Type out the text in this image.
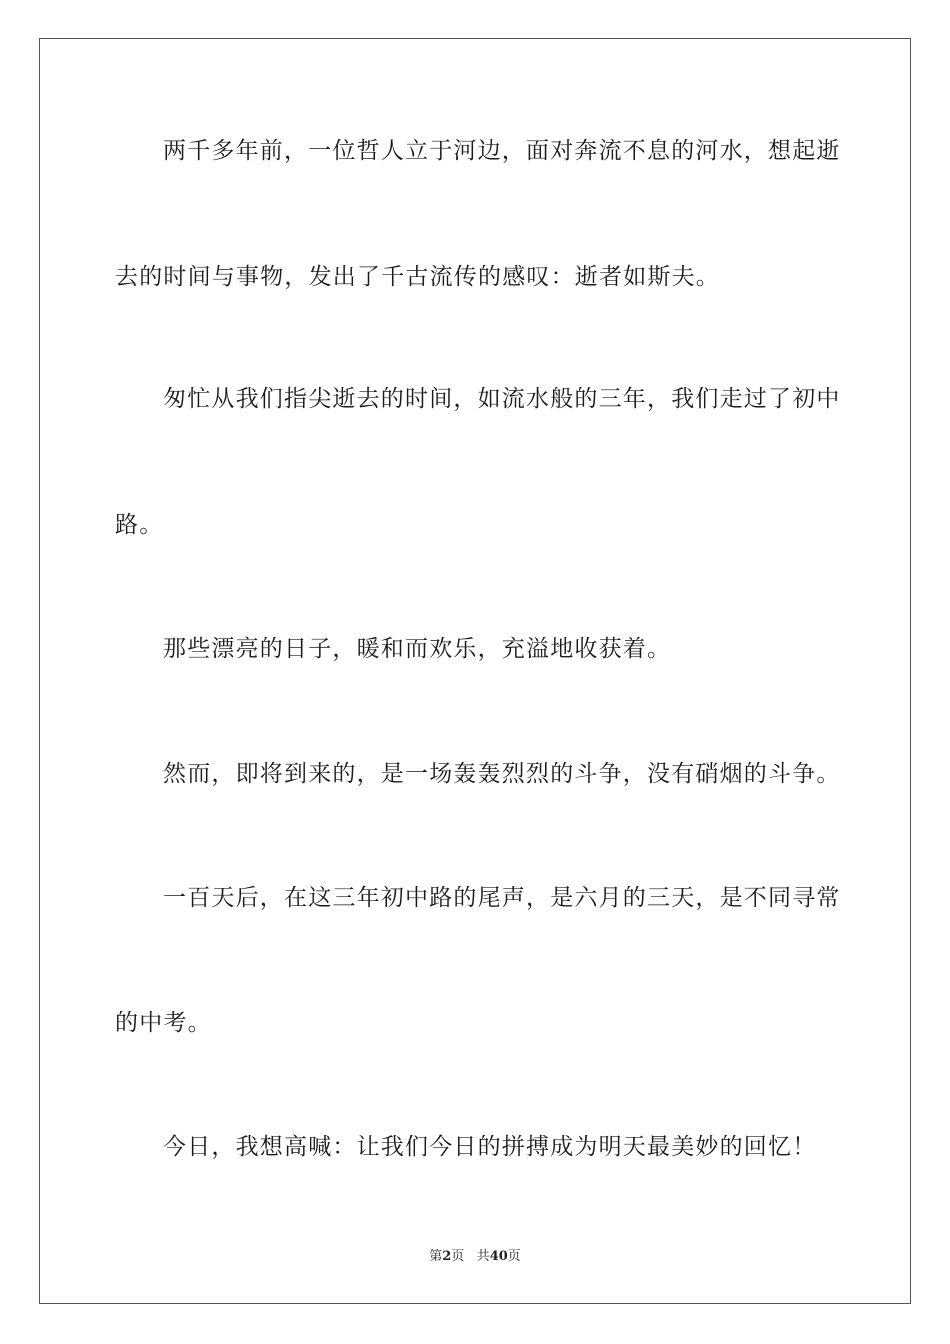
两千多年前，一位哲人立于河边，面对奔流不息的河水，想起逝

去的时间与事物，发出了千古流传的感叹：逝者如斯夫。

匆忙从我们指尖逝去的时间，如流水般的三年，我们走过了初中

路。

那些漂亮的日子，暖和而欢乐，充溢地收获着。

然而，即将到来的，是一场轰轰烈烈的斗争，没有硝烟的斗争。

一百天后，在这三年初中路的尾声，是六月的三天，是不同寻常

的中考。

今日，我想高喊：让我们今日的拼搏成为明天最美妙的回忆！

第2页 共40页
